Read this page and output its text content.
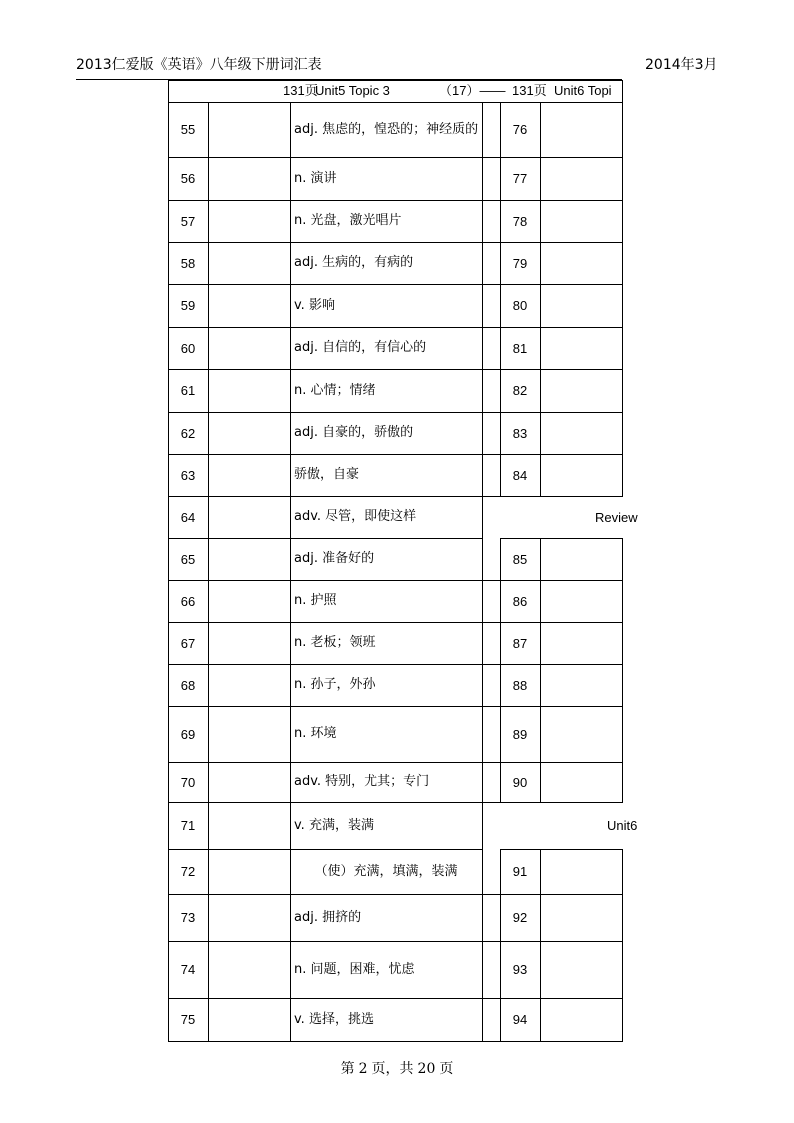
2013仁爱版《英语》八年级下册词汇表	2014年3月
131页
Unit5 Topic 3	（17）—— 131页 Unit6 Topi
55	adj. 焦虑的，惶恐的；神经质的	76
56	n. 演讲	77
57	n. 光盘，激光唱片	78
58	adj. 生病的，有病的	79
59	v. 影响	80
60	adj. 自信的，有信心的	81
61	n. 心情；情绪	82
62	adj. 自豪的，骄傲的	83
63	骄傲，自豪	84
64	adv. 尽管，即使这样	Review
65	adj. 准备好的	85
66	n. 护照	86
67	n. 老板；领班	87
68	n. 孙子，外孙	88
69	n. 环境	89
70	adv. 特别，尤其；专门	90
71	v. 充满，装满	Unit6
72	（使）充满，填满，装满	91
73	adj. 拥挤的	92
74	n. 问题，困难，忧虑	93
75	v. 选择，挑选	94
第 2 页，共 20 页
